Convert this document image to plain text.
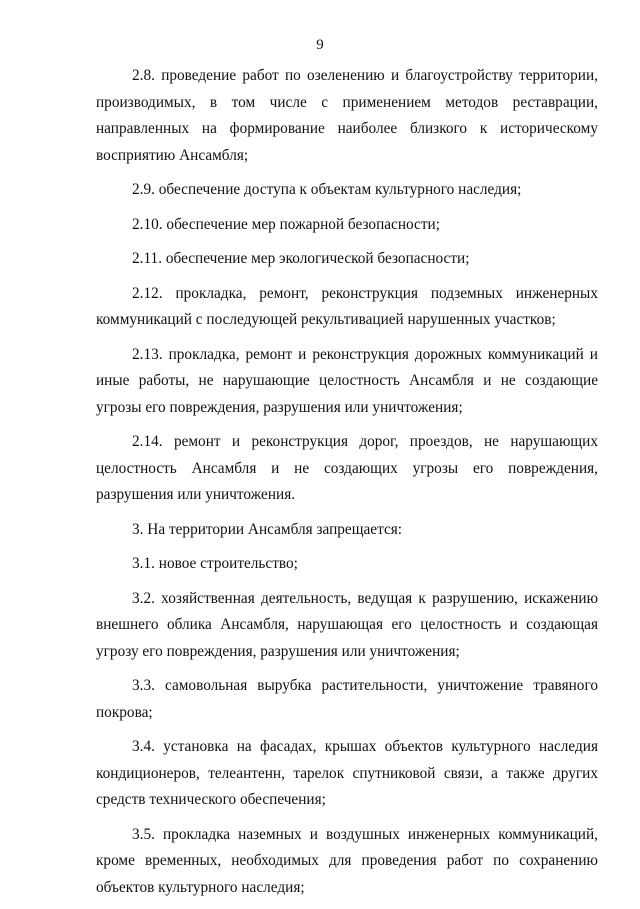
9

2.8. проведение работ по озеленению и благоустройству территории, производимых, в том числе с применением методов реставрации, направленных на формирование наиболее близкого к историческому восприятию Ансамбля;

2.9. обеспечение доступа к объектам культурного наследия;

2.10. обеспечение мер пожарной безопасности;

2.11. обеспечение мер экологической безопасности;

2.12. прокладка, ремонт, реконструкция подземных инженерных коммуникаций с последующей рекультивацией нарушенных участков;

2.13. прокладка, ремонт и реконструкция дорожных коммуникаций и иные работы, не нарушающие целостность Ансамбля и не создающие угрозы его повреждения, разрушения или уничтожения;

2.14. ремонт и реконструкция дорог, проездов, не нарушающих целостность Ансамбля и не создающих угрозы его повреждения, разрушения или уничтожения.

3. На территории Ансамбля запрещается:

3.1. новое строительство;

3.2. хозяйственная деятельность, ведущая к разрушению, искажению внешнего облика Ансамбля, нарушающая его целостность и создающая угрозу его повреждения, разрушения или уничтожения;

3.3. самовольная вырубка растительности, уничтожение травяного покрова;

3.4. установка на фасадах, крышах объектов культурного наследия кондиционеров, телеантенн, тарелок спутниковой связи, а также других средств технического обеспечения;

3.5. прокладка наземных и воздушных инженерных коммуникаций, кроме временных, необходимых для проведения работ по сохранению объектов культурного наследия;
